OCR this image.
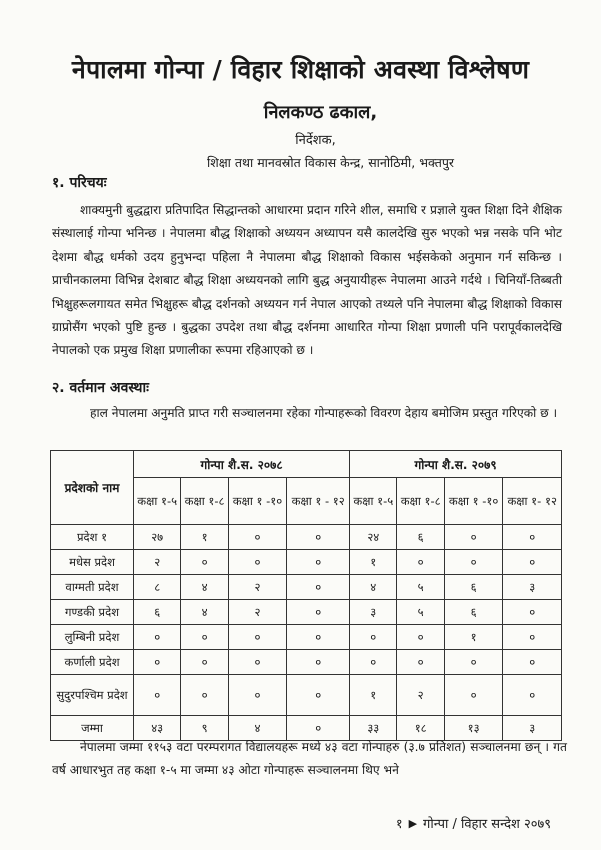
नेपालमा गोन्पा / विहार शिक्षाको अवस्था विश्लेषण
निलकण्ठ ढकाल,
निर्देशक,
शिक्षा तथा मानवस्रोत विकास केन्द्र, सानोठिमी, भक्तपुर
१. परिचयः
शाक्यमुनी बुद्धद्वारा प्रतिपादित सिद्धान्तको आधारमा प्रदान गरिने शील, समाधि र प्रज्ञाले युक्त शिक्षा दिने शैक्षिक संस्थालाई गोन्पा भनिन्छ । नेपालमा बौद्ध शिक्षाको अध्ययन अध्यापन यसै कालदेखि सुरु भएको भन्न नसके पनि भोट देशमा बौद्ध धर्मको उदय हुनुभन्दा पहिला नै नेपालमा बौद्ध शिक्षाको विकास भईसकेको अनुमान गर्न सकिन्छ । प्राचीनकालमा विभिन्न देशबाट बौद्ध शिक्षा अध्ययनको लागि बुद्ध अनुयायीहरू नेपालमा आउने गर्दथे । चिनियाँ-तिब्बती भिक्षुहरूलगायत समेत भिक्षुहरू बौद्ध दर्शनको अध्ययन गर्न नेपाल आएको तथ्यले पनि नेपालमा बौद्ध शिक्षाको विकास ग्राप्रोसैंग भएको पुष्टि हुन्छ । बुद्धका उपदेश तथा बौद्ध दर्शनमा आधारित गोन्पा शिक्षा प्रणाली पनि परापूर्वकालदेखि नेपालको एक प्रमुख शिक्षा प्रणालीका रूपमा रहिआएको छ ।
२. वर्तमान अवस्थाः
हाल नेपालमा अनुमति प्राप्त गरी सञ्चालनमा रहेका गोन्पाहरूको विवरण देहाय बमोजिम प्रस्तुत गरिएको छ ।
प्रदेशको नाम	गोन्पा शै.स. २०७८				गोन्पा शै.स. २०७९			
	कक्षा १-५	कक्षा १-८	कक्षा १ -१०	कक्षा १ - १२	कक्षा १-५	कक्षा १-८	कक्षा १ -१०	कक्षा १- १२
प्रदेश १	२७	१	०	०	२४	६	०	०
मधेस प्रदेश	२	०	०	०	१	०	०	०
वाग्मती प्रदेश	८	४	२	०	४	५	६	३
गण्डकी प्रदेश	६	४	२	०	३	५	६	०
लुम्बिनी प्रदेश	०	०	०	०	०	०	१	०
कर्णाली प्रदेश	०	०	०	०	०	०	०	०
सुदुरपश्चिम प्रदेश	०	०	०	०	१	२	०	०
जम्मा	४३	९	४	०	३३	१८	१३	३
नेपालमा जम्मा ११५३ वटा परम्परागत विद्यालयहरू मध्ये ४३ वटा गोन्पाहरु (३.७ प्रतिशत) सञ्चालनमा छन् । गत वर्ष आधारभुत तह कक्षा १-५ मा जम्मा ४३ ओटा गोन्पाहरू सञ्चालनमा थिए भने
१ ▶ गोन्पा / विहार सन्देश २०७९
